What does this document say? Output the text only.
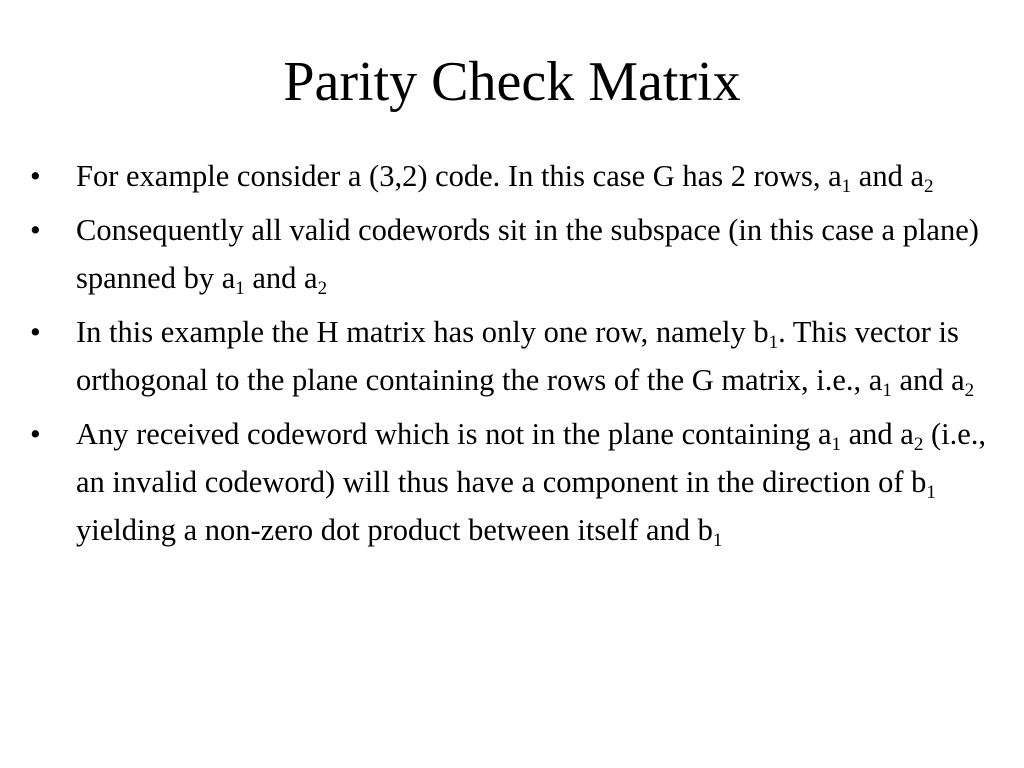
Parity Check Matrix
•	For example consider a (3,2) code. In this case G has 2 rows, $a_1$ and $a_2$
•	Consequently all valid codewords sit in the subspace (in this case a plane) spanned by $a_1$ and $a_2$
•	In this example the H matrix has only one row, namely $b_1$. This vector is orthogonal to the plane containing the rows of the G matrix, i.e., $a_1$ and $a_2$
•	Any received codeword which is not in the plane containing $a_1$ and $a_2$ (i.e., an invalid codeword) will thus have a component in the direction of $b_1$ yielding a non-zero dot product between itself and $b_1$
